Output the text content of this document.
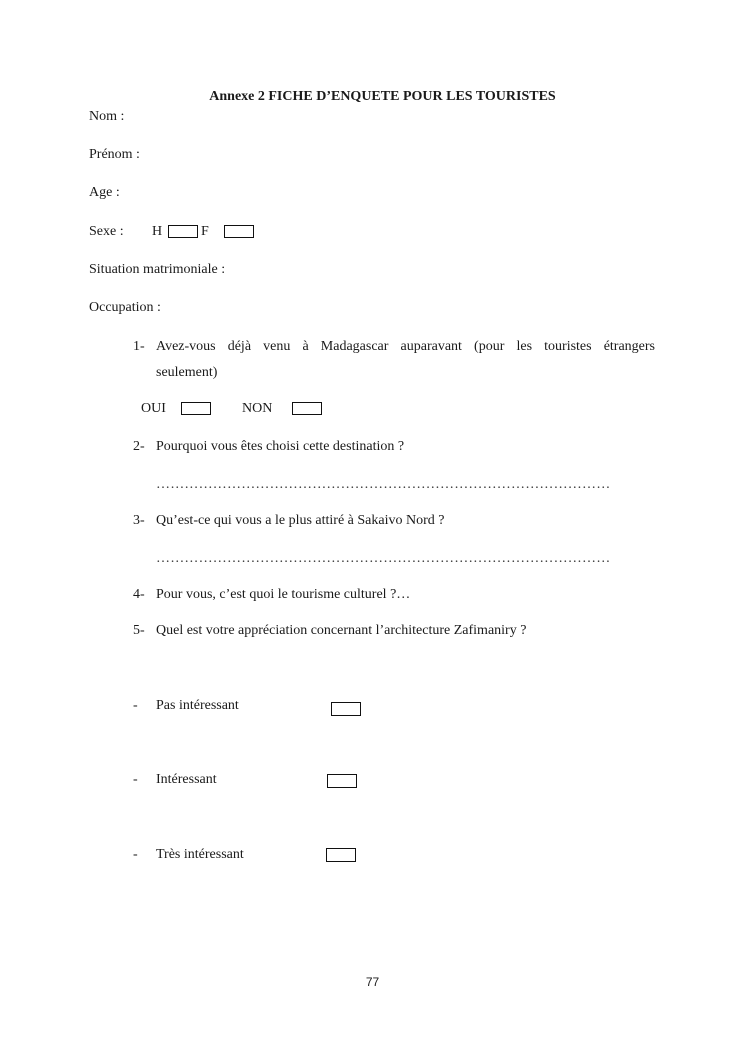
Annexe 2 FICHE D’ENQUETE POUR LES TOURISTES
Nom :
Prénom :
Age :
Sexe : H	F
Situation matrimoniale :
Occupation :
1- Avez-vous déjà venu à Madagascar auparavant (pour les touristes étrangers
seulement)
OUI	NON
2- Pourquoi vous êtes choisi cette destination ?
……………………………………………………………………………………
3- Qu’est-ce qui vous a le plus attiré à Sakaivo Nord ?
……………………………………………………………………………………
4- Pour vous, c’est quoi le tourisme culturel ?…
5- Quel est votre appréciation concernant l’architecture Zafimaniry ?
- Pas intéressant
- Intéressant
- Très intéressant
77
